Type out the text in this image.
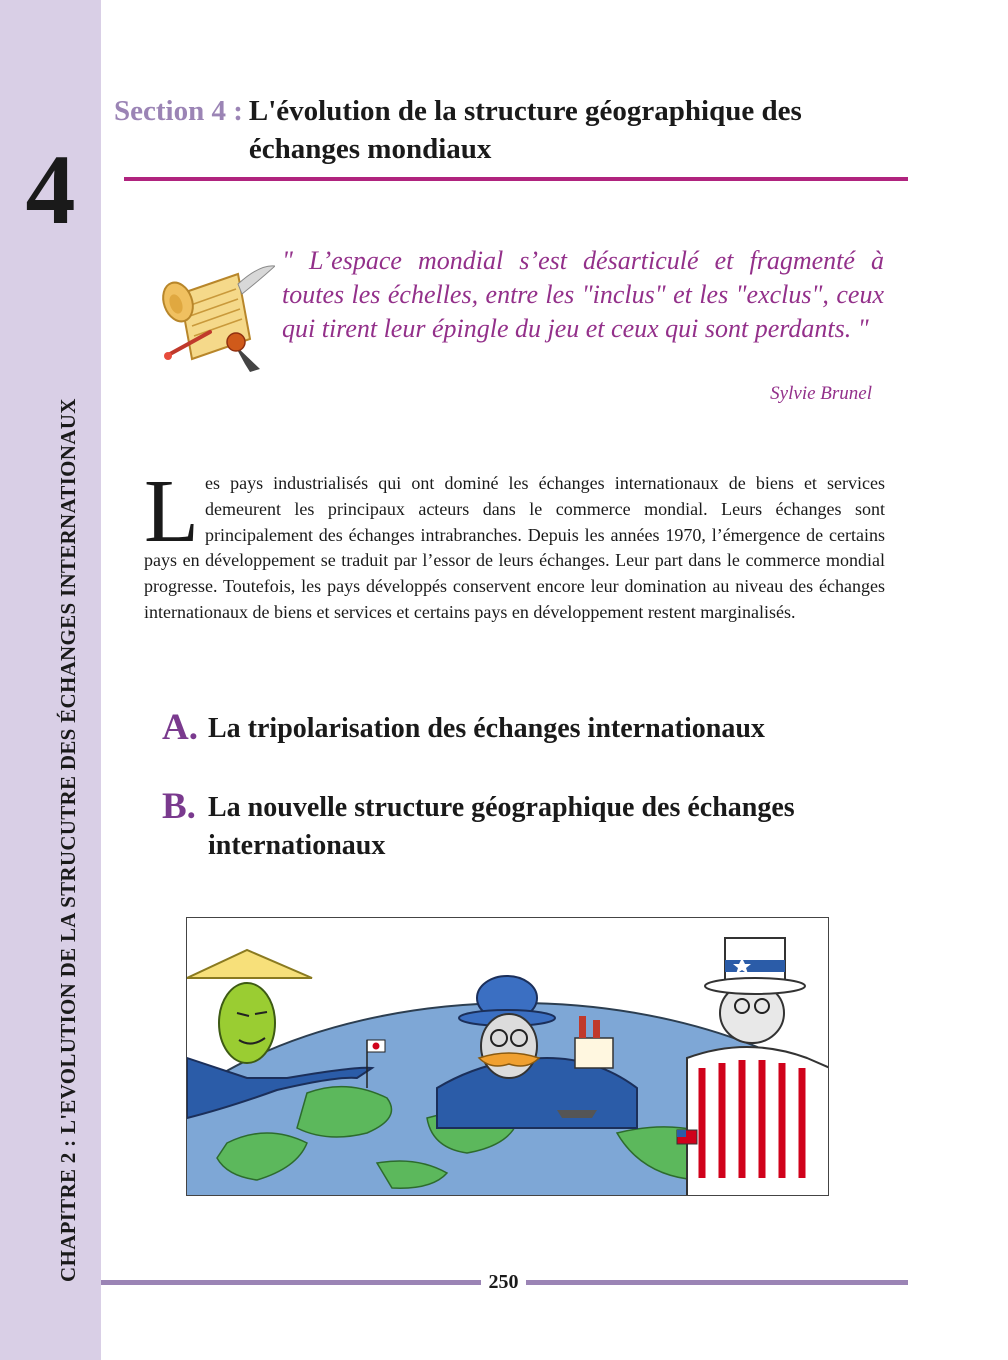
4
CHAPITRE 2 : L'EVOLUTION DE LA STRUCUTRE DES ÉCHANGES INTERNATIONAUX
Section 4 : L'évolution de la structure géographique des échanges mondiaux
" L’espace mondial s’est désarticulé et fragmenté à toutes les échelles, entre les "inclus" et les "exclus", ceux qui tirent leur épingle du jeu et ceux qui sont perdants. "
Sylvie Brunel
L es pays industrialisés qui ont dominé les échanges internationaux de biens et services demeurent les principaux acteurs dans le commerce mondial. Leurs échanges sont principalement des échanges intrabranches. Depuis les années 1970, l’émergence de certains pays en développement se traduit par l’essor de leurs échanges. Leur part dans le commerce mondial progresse. Toutefois, les pays développés conservent encore leur domination au niveau des échanges internationaux de biens et services et certains pays en développement restent marginalisés.
A. La tripolarisation des échanges internationaux
B. La nouvelle structure géographique des échanges internationaux
250
